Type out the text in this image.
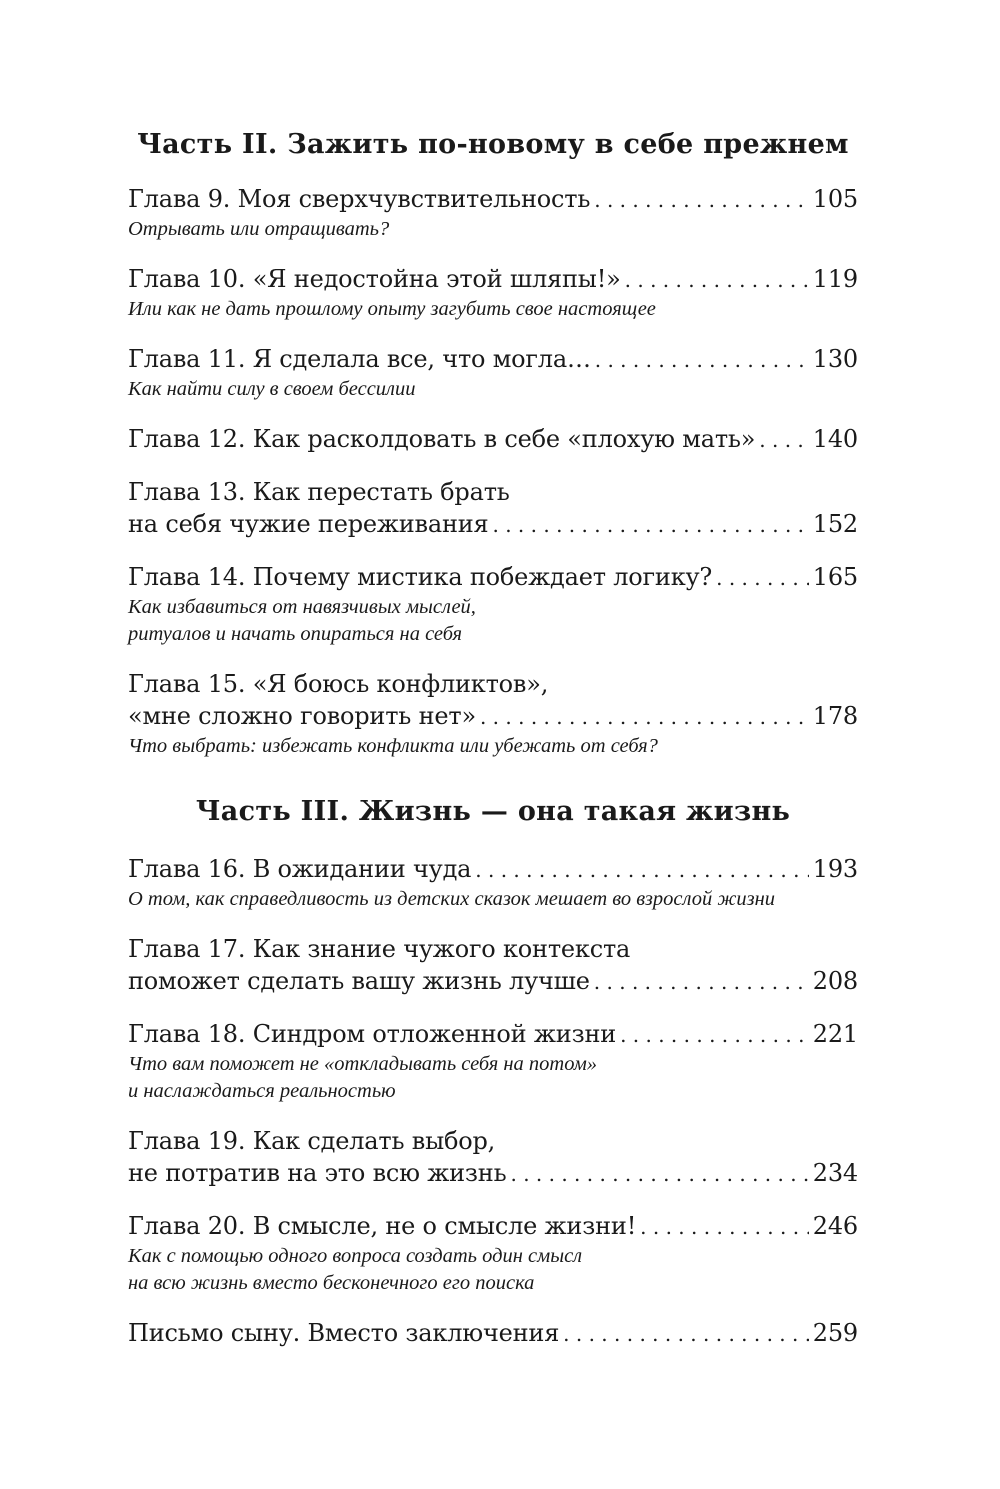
Часть II. Зажить по-новому в себе прежнем
Глава 9. Моя сверхчувствительность . . .	105
Отрывать или отращивать?
Глава 10. «Я недостойна этой шляпы!» . . .	119
Или как не дать прошлому опыту загубить свое настоящее
Глава 11. Я сделала все, что могла… . . .	130
Как найти силу в своем бессилии
Глава 12. Как расколдовать в себе «плохую мать» . . . 140
Глава 13. Как перестать брать
на себя чужие переживания . . .	152
Глава 14. Почему мистика побеждает логику? . . .	165
Как избавиться от навязчивых мыслей,
ритуалов и начать опираться на себя
Глава 15. «Я боюсь конфликтов»,
«мне сложно говорить нет» . . .	178
Что выбрать: избежать конфликта или убежать от себя?
Часть III. Жизнь — она такая жизнь
Глава 16. В ожидании чуда . . .	193
О том, как справедливость из детских сказок мешает во взрослой жизни
Глава 17. Как знание чужого контекста
поможет сделать вашу жизнь лучше . . .	208
Глава 18. Синдром отложенной жизни . . .	221
Что вам поможет не «откладывать себя на потом»
и наслаждаться реальностью
Глава 19. Как сделать выбор,
не потратив на это всю жизнь . . .	234
Глава 20. В смысле, не о смысле жизни! . . .	246
Как с помощью одного вопроса создать один смысл
на всю жизнь вместо бесконечного его поиска
Письмо сыну. Вместо заключения . . .	259
